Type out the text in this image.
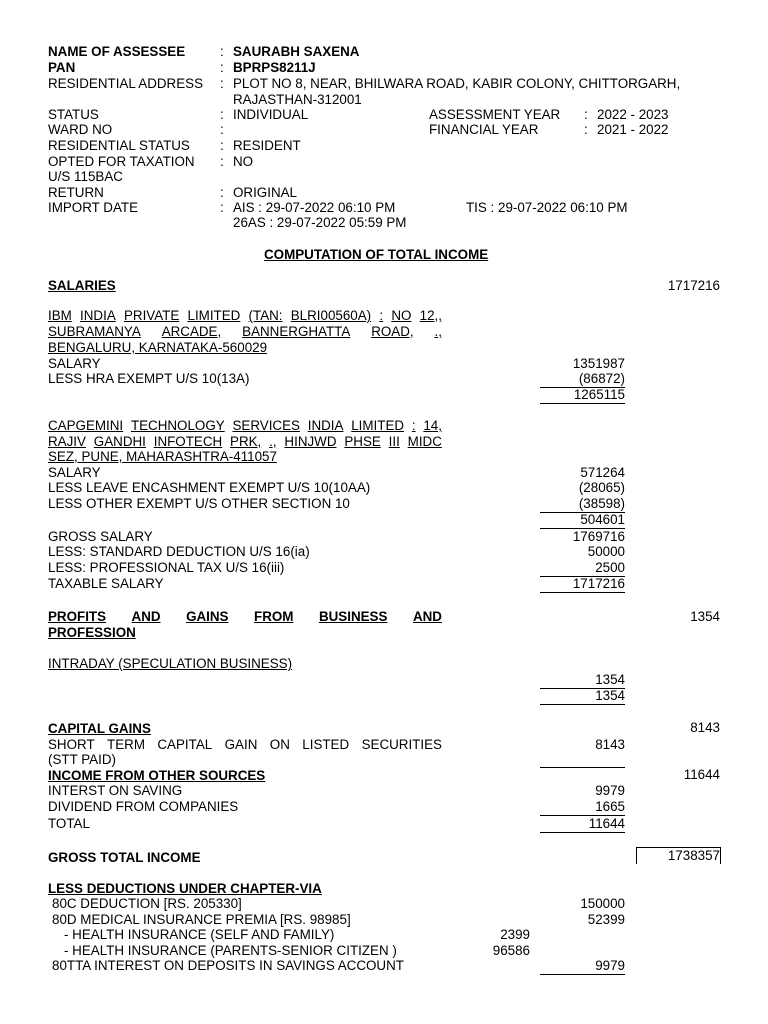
NAME OF ASSESSEE	: SAURABH SAXENA
PAN	: BPRPS8211J
RESIDENTIAL ADDRESS : PLOT NO 8, NEAR, BHILWARA ROAD, KABIR COLONY, CHITTORGARH,
RAJASTHAN-312001
STATUS	: INDIVIDUAL	ASSESSMENT YEAR : 2022 - 2023
WARD NO	:	FINANCIAL YEAR	: 2021 - 2022
RESIDENTIAL STATUS : RESIDENT
OPTED FOR TAXATION : NO
U/S 115BAC
RETURN	: ORIGINAL
IMPORT DATE	: AIS : 29-07-2022 06:10 PM	TIS : 29-07-2022 06:10 PM
26AS : 29-07-2022 05:59 PM
COMPUTATION OF TOTAL INCOME
SALARIES	1717216
IBM INDIA PRIVATE LIMITED (TAN: BLRI00560A) : NO 12,,
SUBRAMANYA ARCADE, BANNERGHATTA ROAD, .,
BENGALURU, KARNATAKA-560029
SALARY	1351987
LESS HRA EXEMPT U/S 10(13A)	(86872)
1265115
CAPGEMINI TECHNOLOGY SERVICES INDIA LIMITED : 14,
RAJIV GANDHI INFOTECH PRK, ., HINJWD PHSE III MIDC
SEZ, PUNE, MAHARASHTRA-411057
SALARY	571264
LESS LEAVE ENCASHMENT EXEMPT U/S 10(10AA)	(28065)
LESS OTHER EXEMPT U/S OTHER SECTION 10	(38598)
504601
GROSS SALARY	1769716
LESS: STANDARD DEDUCTION U/S 16(ia)	50000
LESS: PROFESSIONAL TAX U/S 16(iii)	2500
TAXABLE SALARY	1717216
PROFITS AND GAINS FROM BUSINESS AND	1354
PROFESSION
INTRADAY (SPECULATION BUSINESS)
1354
1354
CAPITAL GAINS	8143
SHORT TERM CAPITAL GAIN ON LISTED SECURITIES	8143
(STT PAID)
INCOME FROM OTHER SOURCES	11644
INTERST ON SAVING	9979
DIVIDEND FROM COMPANIES	1665
TOTAL	11644
GROSS TOTAL INCOME	1738357
LESS DEDUCTIONS UNDER CHAPTER-VIA
80C DEDUCTION [RS. 205330]	150000
80D MEDICAL INSURANCE PREMIA [RS. 98985]	52399
- HEALTH INSURANCE (SELF AND FAMILY)	2399
- HEALTH INSURANCE (PARENTS-SENIOR CITIZEN )	96586
80TTA INTEREST ON DEPOSITS IN SAVINGS ACCOUNT	9979
